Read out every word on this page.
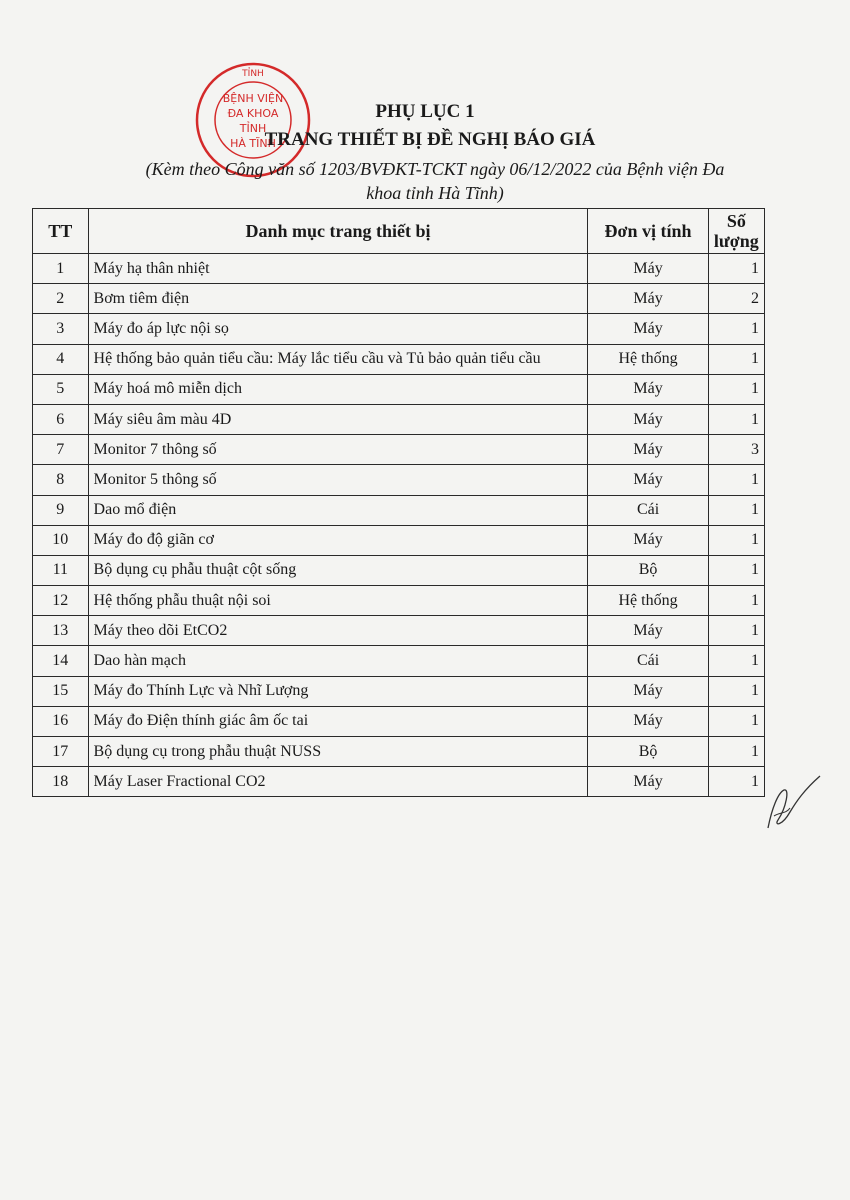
TỈNH
BỆNH VIỆN
ĐA KHOA
TỈNH
HÀ TĨNH
PHỤ LỤC 1
TRANG THIẾT BỊ ĐỀ NGHỊ BÁO GIÁ
(Kèm theo Công văn số 1203/BVĐKT-TCKT ngày 06/12/2022 của Bệnh viện Đa
khoa tỉnh Hà Tĩnh)
TT	Danh mục trang thiết bị	Đơn vị tính	Số
lượng

1	Máy hạ thân nhiệt	Máy	1
2	Bơm tiêm điện	Máy	2
3	Máy đo áp lực nội sọ	Máy	1
4	Hệ thống bảo quản tiểu cầu: Máy lắc tiểu cầu và Tủ bảo quản tiểu cầu	Hệ thống	1
5	Máy hoá mô miễn dịch	Máy	1
6	Máy siêu âm màu 4D	Máy	1
7	Monitor 7 thông số	Máy	3
8	Monitor 5 thông số	Máy	1
9	Dao mổ điện	Cái	1
10	Máy đo độ giãn cơ	Máy	1
11	Bộ dụng cụ phẫu thuật cột sống	Bộ	1
12	Hệ thống phẫu thuật nội soi	Hệ thống	1
13	Máy theo dõi EtCO2	Máy	1
14	Dao hàn mạch	Cái	1
15	Máy đo Thính Lực và Nhĩ Lượng	Máy	1
16	Máy đo Điện thính giác âm ốc tai	Máy	1
17	Bộ dụng cụ trong phẫu thuật NUSS	Bộ	1
18	Máy Laser Fractional CO2	Máy	1
